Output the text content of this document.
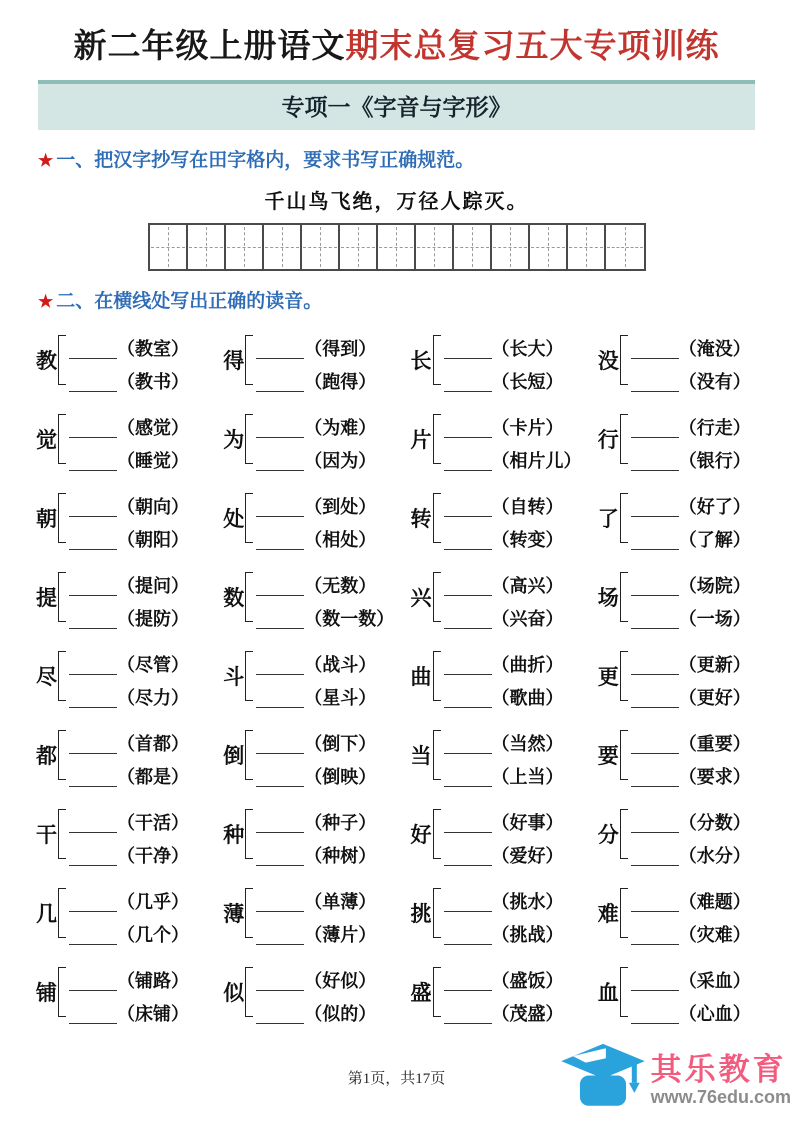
新二年级上册语文期末总复习五大专项训练
专项一《字音与字形》
★ 一、把汉字抄写在田字格内，要求书写正确规范。
千山鸟飞绝，万径人踪灭。
★ 二、在横线处写出正确的读音。
教
（教室）
（教书）
得
（得到）
（跑得）
长
（长大）
（长短）
没
（淹没）
（没有）
觉
（感觉）
（睡觉）
为
（为难）
（因为）
片
（卡片）
（相片儿）
行
（行走）
（银行）
朝
（朝向）
（朝阳）
处
（到处）
（相处）
转
（自转）
（转变）
了
（好了）
（了解）
提
（提问）
（提防）
数
（无数）
（数一数）
兴
（高兴）
（兴奋）
场
（场院）
（一场）
尽
（尽管）
（尽力）
斗
（战斗）
（星斗）
曲
（曲折）
（歌曲）
更
（更新）
（更好）
都
（首都）
（都是）
倒
（倒下）
（倒映）
当
（当然）
（上当）
要
（重要）
（要求）
干
（干活）
（干净）
种
（种子）
（种树）
好
（好事）
（爱好）
分
（分数）
（水分）
几
（几乎）
（几个）
薄
（单薄）
（薄片）
挑
（挑水）
（挑战）
难
（难题）
（灾难）
铺
（铺路）
（床铺）
似
（好似）
（似的）
盛
（盛饭）
（茂盛）
血
（采血）
（心血）
第1页，共17页	其乐教育
www.76edu.com
